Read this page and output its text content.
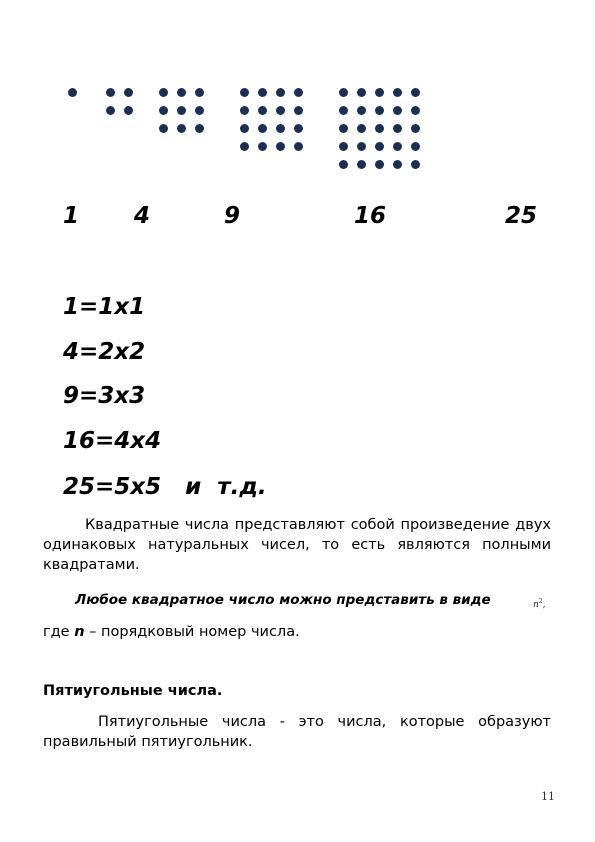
1 4	9	16	25
1=1x1
4=2x2
9=3x3
16=4x4
25=5x5   и  т.д.
Квадратные числа представляют собой произведение двух одинаковых натуральных чисел, то есть являются полными квадратами.
Любое квадратное число можно представить в виде	$n^2$,
где n – порядковый номер числа.
Пятиугольные числа.
Пятиугольные числа - это числа, которые образуют правильный пятиугольник.
11
